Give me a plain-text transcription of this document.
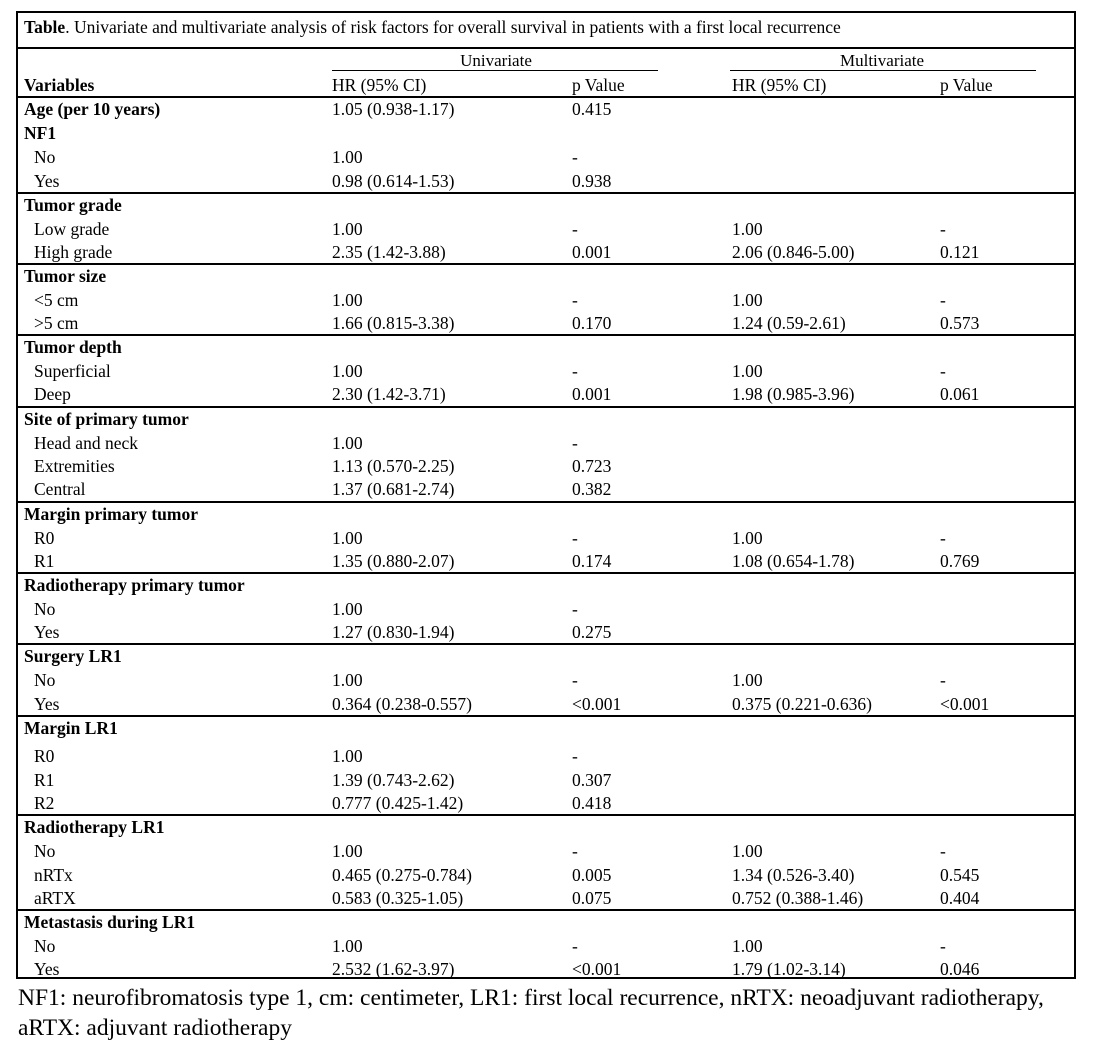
Table. Univariate and multivariate analysis of risk factors for overall survival in patients with a first local recurrence
Univariate	Multivariate
Variables	HR (95% CI)	p Value	HR (95% CI)	p Value
Age (per 10 years)	1.05 (0.938-1.17)	0.415
NF1
No	1.00	-
Yes	0.98 (0.614-1.53)	0.938
Tumor grade
Low grade	1.00	-	1.00	-
High grade	2.35 (1.42-3.88)	0.001	2.06 (0.846-5.00)	0.121
Tumor size
<5 cm	1.00	-	1.00	-
>5 cm	1.66 (0.815-3.38)	0.170	1.24 (0.59-2.61)	0.573
Tumor depth
Superficial	1.00	-	1.00	-
Deep	2.30 (1.42-3.71)	0.001	1.98 (0.985-3.96)	0.061
Site of primary tumor
Head and neck	1.00	-
Extremities	1.13 (0.570-2.25)	0.723
Central	1.37 (0.681-2.74)	0.382
Margin primary tumor
R0	1.00	-	1.00	-
R1	1.35 (0.880-2.07)	0.174	1.08 (0.654-1.78)	0.769
Radiotherapy primary tumor
No	1.00	-
Yes	1.27 (0.830-1.94)	0.275
Surgery LR1
No	1.00	-	1.00	-
Yes	0.364 (0.238-0.557)	<0.001	0.375 (0.221-0.636)	<0.001
Margin LR1
R0	1.00	-
R1	1.39 (0.743-2.62)	0.307
R2	0.777 (0.425-1.42)	0.418
Radiotherapy LR1
No	1.00	-	1.00	-
nRTx	0.465 (0.275-0.784)	0.005	1.34 (0.526-3.40)	0.545
aRTX	0.583 (0.325-1.05)	0.075	0.752 (0.388-1.46)	0.404
Metastasis during LR1
No	1.00	-	1.00	-
Yes	2.532 (1.62-3.97)	<0.001	1.79 (1.02-3.14)	0.046
NF1: neurofibromatosis type 1, cm: centimeter, LR1: first local recurrence, nRTX: neoadjuvant radiotherapy, aRTX: adjuvant radiotherapy
